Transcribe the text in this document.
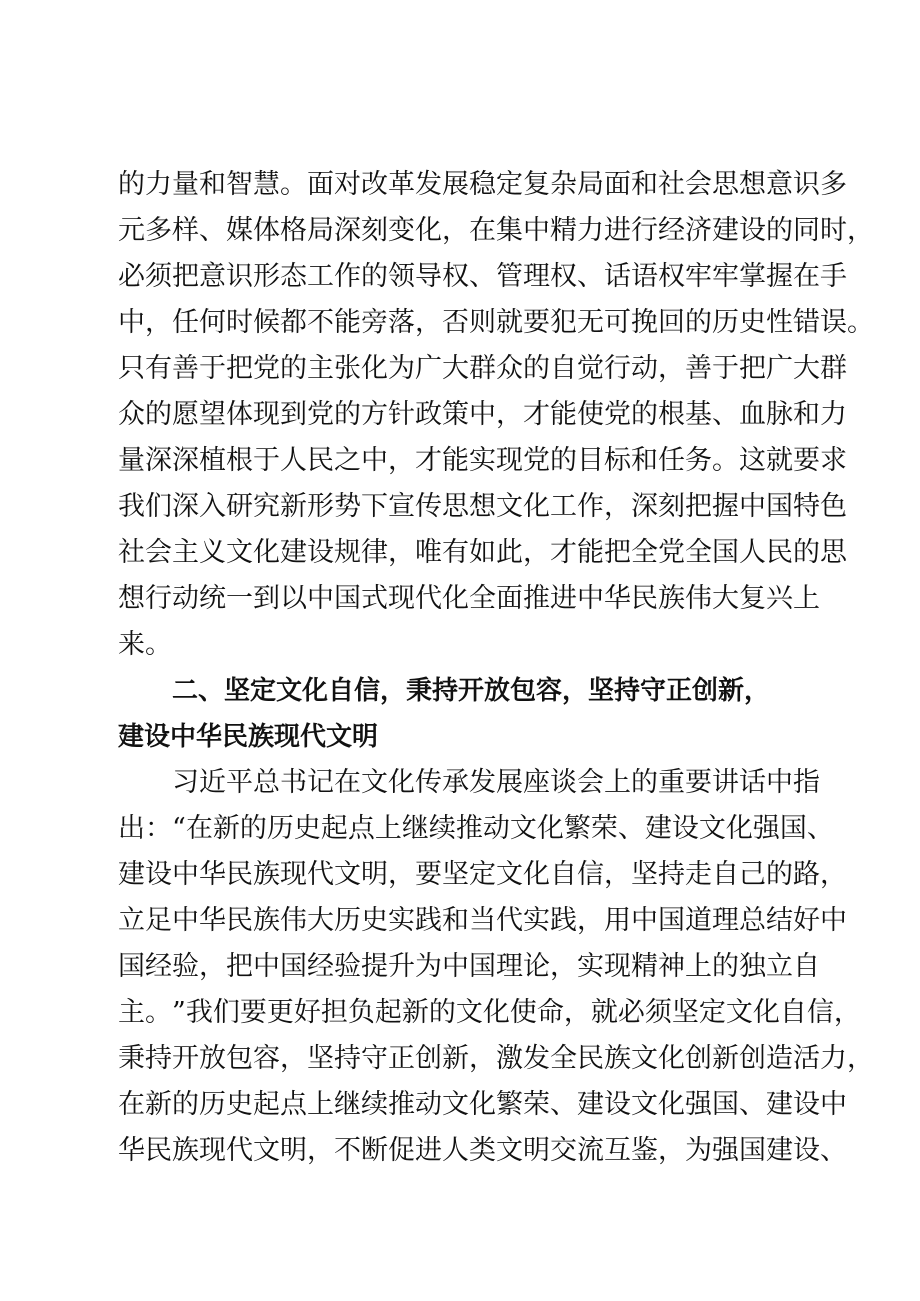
的 力 量 和 智 慧 。 面 对 改 革 发 展 稳 定 复 杂 局 面 和 社 会 思 想 意 识 多
元 多 样 、 媒 体 格 局 深 刻 变 化 ， 在 集 中 精 力 进 行 经 济 建 设 的 同 时 ，
必 须 把 意 识 形 态 工 作 的 领 导 权 、 管 理 权 、 话 语 权 牢 牢 掌 握 在 手
中 ， 任 何 时 候 都 不 能 旁 落 ， 否 则 就 要 犯 无 可 挽 回 的 历 史 性 错 误 。
只 有 善 于 把 党 的 主 张 化 为 广 大 群 众 的 自 觉 行 动 ， 善 于 把 广 大 群
众 的 愿 望 体 现 到 党 的 方 针 政 策 中 ， 才 能 使 党 的 根 基 、 血 脉 和 力
量 深 深 植 根 于 人 民 之 中 ， 才 能 实 现 党 的 目 标 和 任 务 。 这 就 要 求
我 们 深 入 研 究 新 形 势 下 宣 传 思 想 文 化 工 作 ， 深 刻 把 握 中 国 特 色
社 会 主 义 文 化 建 设 规 律 ， 唯 有 如 此 ， 才 能 把 全 党 全 国 人 民 的 思
想 行 动 统 一 到 以 中 国 式 现 代 化 全 面 推 进 中 华 民 族 伟 大 复 兴 上
来。
二、坚定文化自信，秉持开放包容，坚持守正创新，
建设中华民族现代文明
习 近 平 总 书 记 在 文 化 传 承 发 展 座 谈 会 上 的 重 要 讲 话 中 指
出 ： “ 在 新 的 历 史 起 点 上 继 续 推 动 文 化 繁 荣 、 建 设 文 化 强 国 、
建 设 中 华 民 族 现 代 文 明 ， 要 坚 定 文 化 自 信 ， 坚 持 走 自 己 的 路 ，
立 足 中 华 民 族 伟 大 历 史 实 践 和 当 代 实 践 ， 用 中 国 道 理 总 结 好 中
国 经 验 ， 把 中 国 经 验 提 升 为 中 国 理 论 ， 实 现 精 神 上 的 独 立 自
主 。 ” 我 们 要 更 好 担 负 起 新 的 文 化 使 命 ， 就 必 须 坚 定 文 化 自 信 ，
秉 持 开 放 包 容 ， 坚 持 守 正 创 新 ， 激 发 全 民 族 文 化 创 新 创 造 活 力 ，
在 新 的 历 史 起 点 上 继 续 推 动 文 化 繁 荣 、 建 设 文 化 强 国 、 建 设 中
华 民 族 现 代 文 明 ， 不 断 促 进 人 类 文 明 交 流 互 鉴 ， 为 强 国 建 设 、
